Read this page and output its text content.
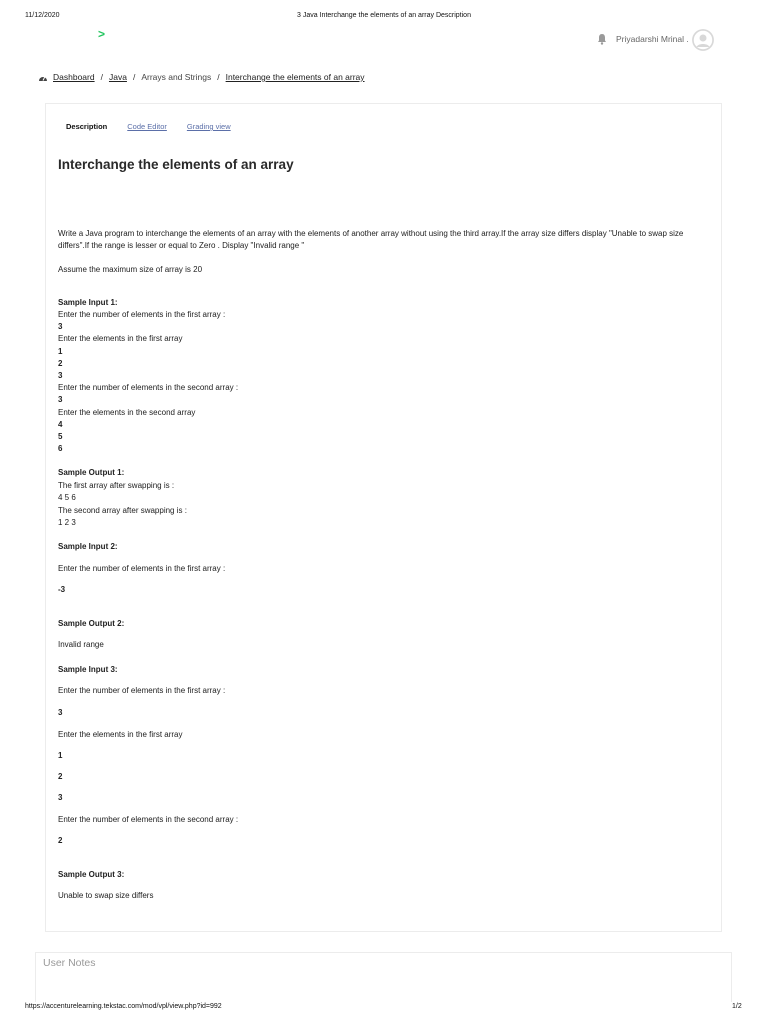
11/12/2020	3 Java Interchange the elements of an array Description
https://accenturelearning.tekstac.com/mod/vpl/view.php?id=992	1/2
>	Priyadarshi Mrinal .
Dashboard / Java / Arrays and Strings / Interchange the elements of an array
Description	Code Editor	Grading view
Interchange the elements of an array

Write a Java program to interchange the elements of an array with the elements of another array without using the third array.If the array size differs display "Unable to swap size differs".If the range is lesser or equal to Zero . Display "Invalid range "

Assume the maximum size of array is 20
Sample Input 1:
Enter the number of elements in the first array :
3
Enter the elements in the first array
1
2
3
Enter the number of elements in the second array :
3
Enter the elements in the second array
4
5
6
Sample Output 1:
The first array after swapping is :
4 5 6
The second array after swapping is :
1 2 3
Sample Input 2:
Enter the number of elements in the first array :
-3
Sample Output 2:
Invalid range
Sample Input 3:
Enter the number of elements in the first array :
3
Enter the elements in the first array
1
2
3
Enter the number of elements in the second array :
2
Sample Output 3:
Unable to swap size differs
User Notes
